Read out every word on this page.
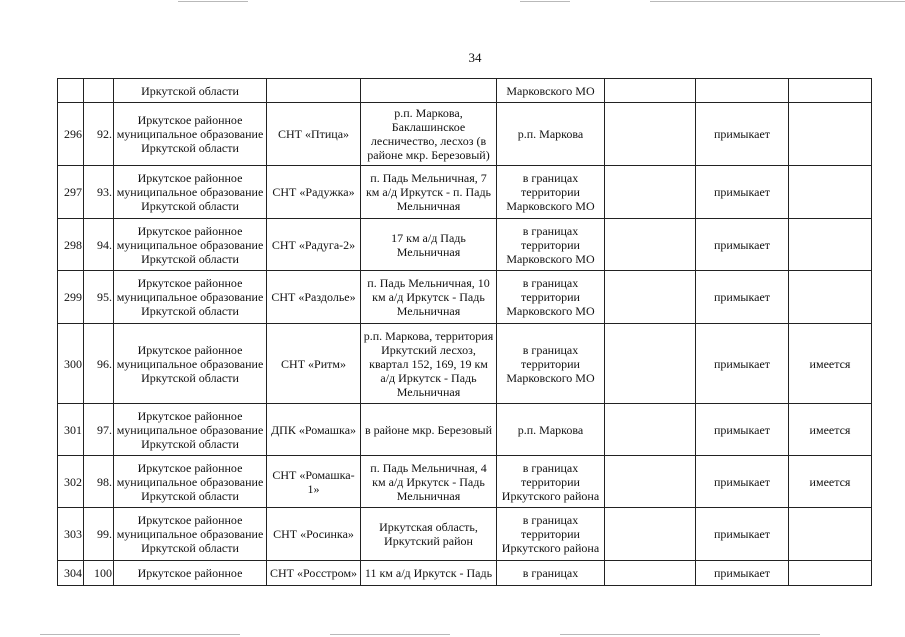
34

		Иркутской области			Марковского МО			

296	92.	Иркутское районное
муниципальное образование
Иркутской области	СНТ «Птица»	р.п. Маркова,
Баклашинское
лесничество, лесхоз (в
районе мкр. Березовый)	р.п. Маркова		примыкает	

297	93.	Иркутское районное
муниципальное образование
Иркутской области	СНТ «Радужка»	п. Падь Мельничная, 7
км а/д Иркутск - п. Падь
Мельничная	в границах
территории
Марковского МО		примыкает	

298	94.	Иркутское районное
муниципальное образование
Иркутской области	СНТ «Радуга-2»	17 км а/д Падь
Мельничная	в границах
территории
Марковского МО		примыкает	

299	95.	Иркутское районное
муниципальное образование
Иркутской области	СНТ «Раздолье»	п. Падь Мельничная, 10
км а/д Иркутск - Падь
Мельничная	в границах
территории
Марковского МО		примыкает	

300	96.	Иркутское районное
муниципальное образование
Иркутской области	СНТ «Ритм»	р.п. Маркова, территория
Иркутский лесхоз,
квартал 152, 169, 19 км
а/д Иркутск - Падь
Мельничная	в границах
территории
Марковского МО		примыкает	имеется

301	97.	Иркутское районное
муниципальное образование
Иркутской области	ДПК «Ромашка»	в районе мкр. Березовый	р.п. Маркова		примыкает	имеется

302	98.	Иркутское районное
муниципальное образование
Иркутской области	СНТ «Ромашка-
1»	п. Падь Мельничная, 4
км а/д Иркутск - Падь
Мельничная	в границах
территории
Иркутского района		примыкает	имеется

303	99.	Иркутское районное
муниципальное образование
Иркутской области	СНТ «Росинка»	Иркутская область,
Иркутский район	в границах
территории
Иркутского района		примыкает	

304	100	Иркутское районное	СНТ «Росстром»	11 км а/д Иркутск - Падь	в границах		примыкает	
